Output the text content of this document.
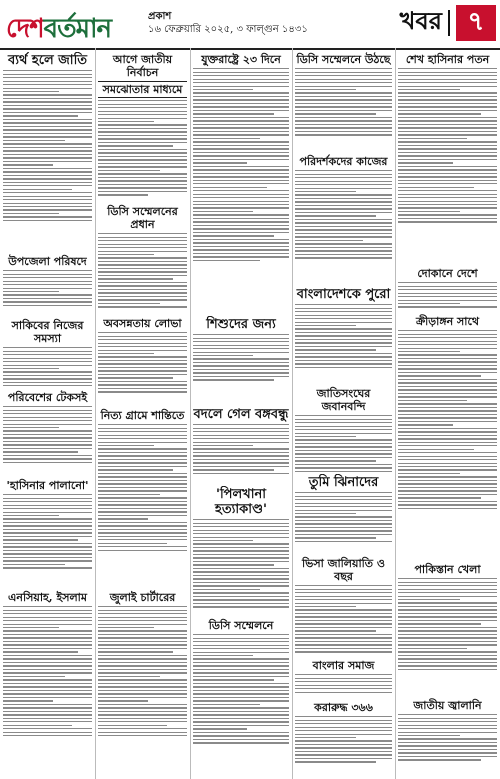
দেশবর্তমান	প্রকাশ
১৬ ফেব্রুয়ারি ২০২৫, ৩ ফাল্গুন ১৪৩১	খবর ৭
ব্যর্থ হলে জাতি
উপজেলা পরিষদে
সাকিবের নিজের সমস্যা
পরিবেশের টেকসই
'হাসিনার পালানো'
এনসিয়াহ, ইসলাম
আগে জাতীয় নির্বাচন
সমঝোতার মাধ্যমে
ডিসি সম্মেলনের প্রধান
অবসন্নতায় লোভা
নিত্য গ্রামে শান্তিতে
জুলাই চার্টারের
যুক্তরাষ্ট্রে ২৩ দিনে
শিশুদের জন্য
বদলে গেল বঙ্গবন্ধু
'পিলখানা হত্যাকাণ্ড'
ডিসি সম্মেলনে
ডিসি সম্মেলনে উঠছে
পরিদর্শকদের কাজের
বাংলাদেশকে পুরো
জাতিসংঘের জবানবন্দি
তুমি ঝিনাদের
ভিসা জালিয়াতি ও বছর
বাংলার সমাজ
করারুদ্ধ ৩৬৬
শেখ হাসিনার পতন
দোকানে দেশে
ক্রীড়াঙ্গন সাথে
পাকিস্তান খেলা
জাতীয় জ্বালানি
